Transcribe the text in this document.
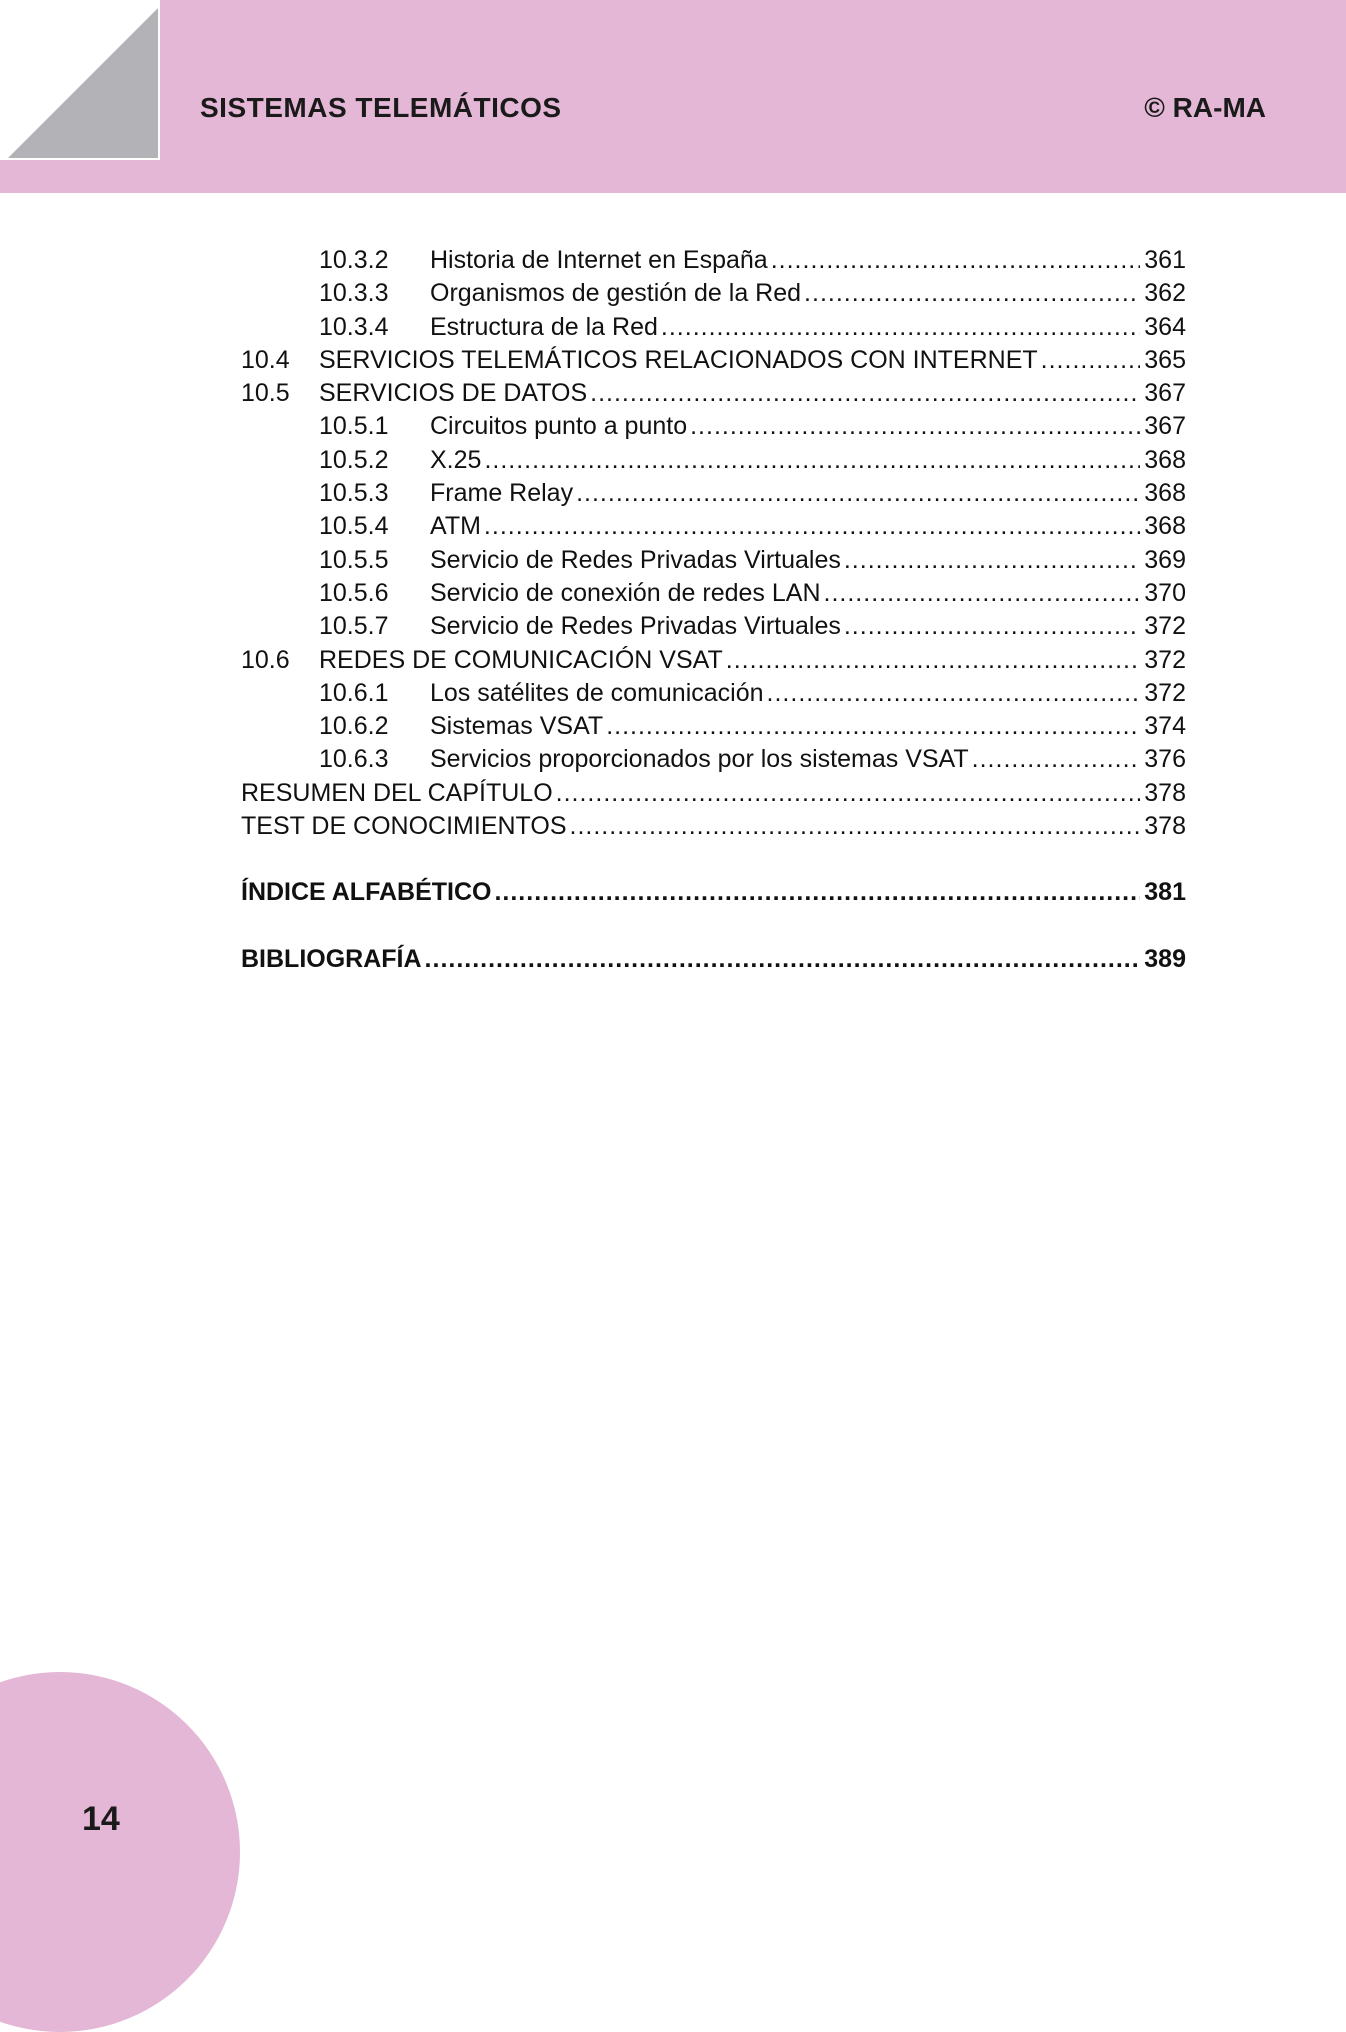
SISTEMAS TELEMÁTICOS	© RA-MA
10.3.2	Historia de Internet en España .....	361
10.3.3	Organismos de gestión de la Red .....	362
10.3.4	Estructura de la Red .....	364
10.4	SERVICIOS TELEMÁTICOS RELACIONADOS CON INTERNET .....	365
10.5	SERVICIOS DE DATOS .....	367
10.5.1	Circuitos punto a punto .....	367
10.5.2	X.25 .....	368
10.5.3	Frame Relay .....	368
10.5.4	ATM .....	368
10.5.5	Servicio de Redes Privadas Virtuales .....	369
10.5.6	Servicio de conexión de redes LAN .....	370
10.5.7	Servicio de Redes Privadas Virtuales .....	372
10.6	REDES DE COMUNICACIÓN VSAT .....	372
10.6.1	Los satélites de comunicación .....	372
10.6.2	Sistemas VSAT .....	374
10.6.3	Servicios proporcionados por los sistemas VSAT .....	376
RESUMEN DEL CAPÍTULO .....	378
TEST DE CONOCIMIENTOS .....	378
ÍNDICE ALFABÉTICO .....	381
BIBLIOGRAFÍA .....	389
14
